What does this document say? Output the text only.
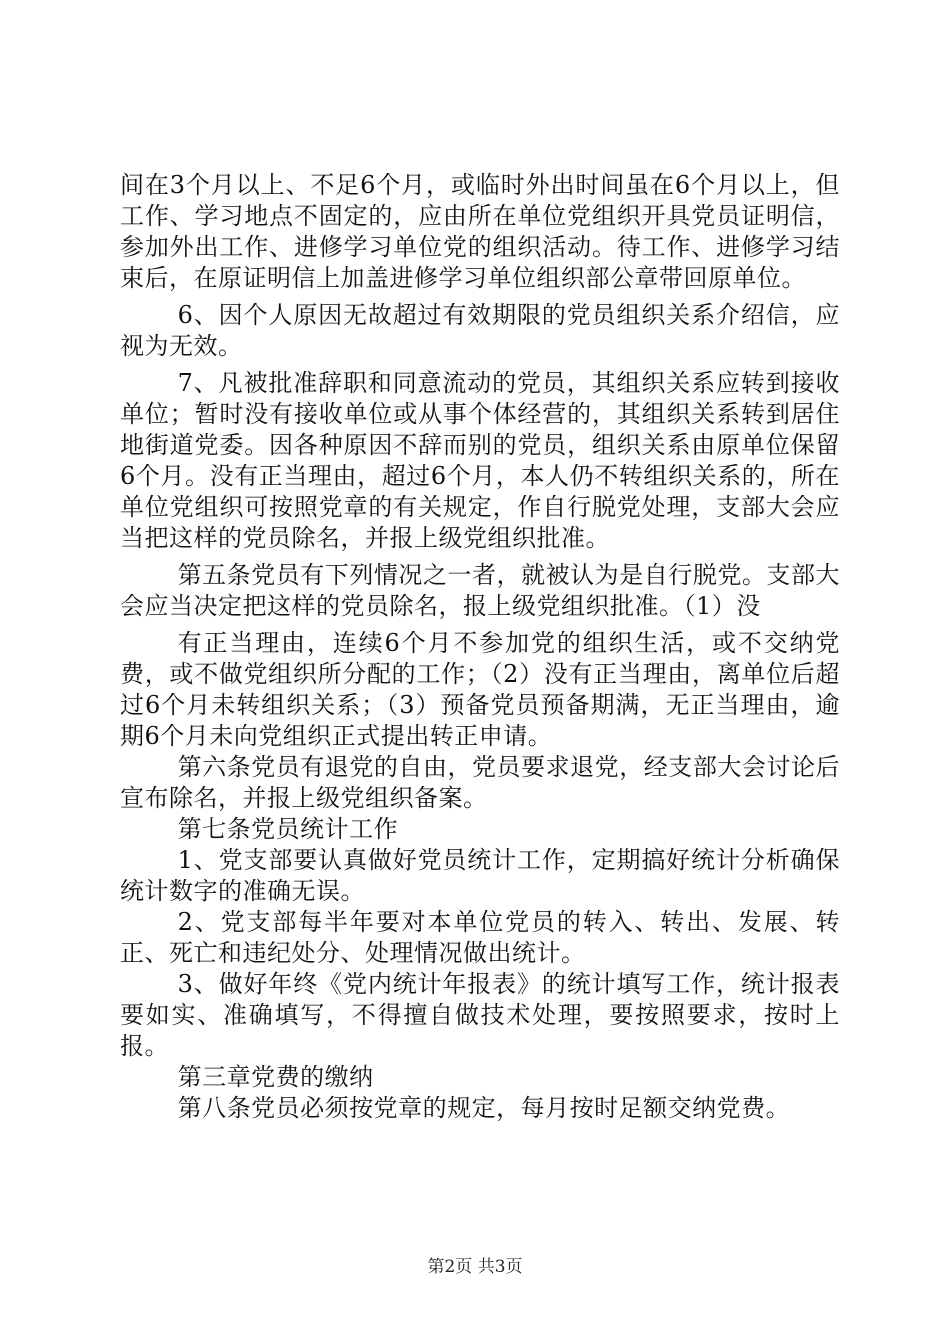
间在3个月以上、不足6个月，或临时外出时间虽在6个月以上，但工作、学习地点不固定的，应由所在单位党组织开具党员证明信，参加外出工作、进修学习单位党的组织活动。待工作、进修学习结束后，在原证明信上加盖进修学习单位组织部公章带回原单位。

6、因个人原因无故超过有效期限的党员组织关系介绍信，应视为无效。

7、凡被批准辞职和同意流动的党员，其组织关系应转到接收单位；暂时没有接收单位或从事个体经营的，其组织关系转到居住地街道党委。因各种原因不辞而别的党员，组织关系由原单位保留6个月。没有正当理由，超过6个月，本人仍不转组织关系的，所在单位党组织可按照党章的有关规定，作自行脱党处理，支部大会应当把这样的党员除名，并报上级党组织批准。

第五条党员有下列情况之一者，就被认为是自行脱党。支部大会应当决定把这样的党员除名，报上级党组织批准。（1）没

有正当理由，连续6个月不参加党的组织生活，或不交纳党费，或不做党组织所分配的工作；（2）没有正当理由，离单位后超过6个月未转组织关系；（3）预备党员预备期满，无正当理由，逾期6个月未向党组织正式提出转正申请。

第六条党员有退党的自由，党员要求退党，经支部大会讨论后宣布除名，并报上级党组织备案。

第七条党员统计工作

1、党支部要认真做好党员统计工作，定期搞好统计分析确保统计数字的准确无误。

2、党支部每半年要对本单位党员的转入、转出、发展、转正、死亡和违纪处分、处理情况做出统计。

3、做好年终《党内统计年报表》的统计填写工作，统计报表要如实、准确填写，不得擅自做技术处理，要按照要求，按时上报。

第三章党费的缴纳

第八条党员必须按党章的规定，每月按时足额交纳党费。

第2页 共3页
